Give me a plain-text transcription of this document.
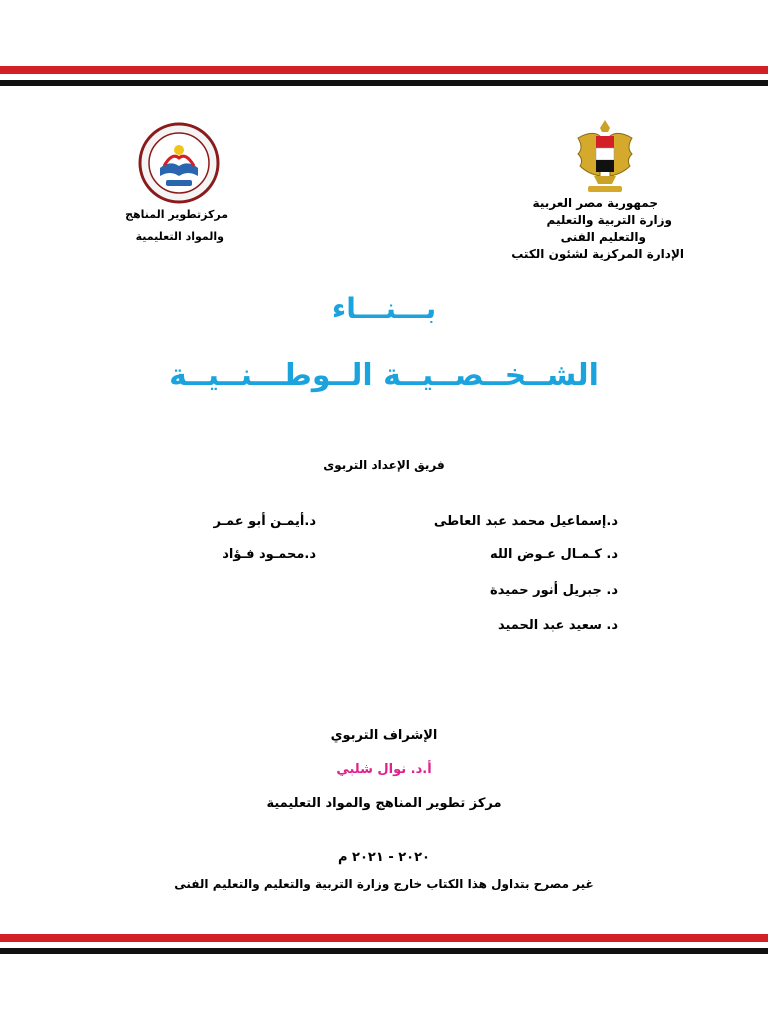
جمهورية مصر العربية
وزارة التربية والتعليم
والتعليم الفنى
الإدارة المركزية لشئون الكتب
مركزتطوير المناهج
والمواد التعليمية
بـــنـــاء
الشــخــصــيــة الــوطـــنــيــة
فريق الإعداد التربوى
د.إسماعيل محمد عبد العاطى
د. كـمـال عـوض الله
د. جبريل أنور حميدة
د. سعيد عبد الحميد
د.أيمـن أبو عمـر
د.محمـود فـؤاد
الإشراف التربوي
أ.د. نوال شلبي
مركز تطوير المناهج والمواد التعليمية
٢٠٢٠ - ٢٠٢١ م
غير مصرح بتداول هذا الكتاب خارج وزارة التربية والتعليم والتعليم الفنى
